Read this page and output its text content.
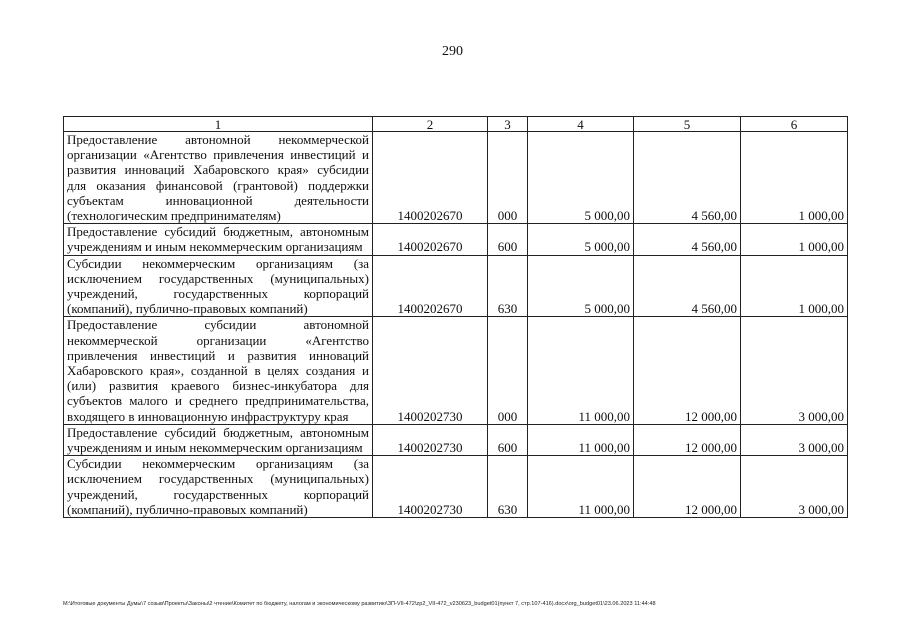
290
1	2	3	4	5	6
Предоставление автономной некоммерческой организации «Агентство привлечения инвестиций и развития инноваций Хабаровского края» субсидии для оказания финансовой (грантовой) поддержки субъектам инновационной деятельности (технологическим предпринимателям)	1400202670	000	5 000,00	4 560,00	1 000,00
Предоставление субсидий бюджетным, автономным учреждениям и иным некоммерческим организациям	1400202670	600	5 000,00	4 560,00	1 000,00
Субсидии некоммерческим организациям (за исключением государственных (муниципальных) учреждений, государственных корпораций (компаний), публично-правовых компаний)	1400202670	630	5 000,00	4 560,00	1 000,00
Предоставление субсидии автономной некоммерческой организации «Агентство привлечения инвестиций и развития инноваций Хабаровского края», созданной в целях создания и (или) развития краевого бизнес-инкубатора для субъектов малого и среднего предпринимательства, входящего в инновационную инфраструктуру края	1400202730	000	11 000,00	12 000,00	3 000,00
Предоставление субсидий бюджетным, автономным учреждениям и иным некоммерческим организациям	1400202730	600	11 000,00	12 000,00	3 000,00
Субсидии некоммерческим организациям (за исключением государственных (муниципальных) учреждений, государственных корпораций (компаний), публично-правовых компаний)	1400202730	630	11 000,00	12 000,00	3 000,00
M:\Итоговые документы Думы\7 созыв\Проекты\Законы\2 чтение\Комитет по бюджету, налогам и экономическому развитию\ЗП-VII-472\zp2_VII-472_v230623_budget01(пункт 7, стр.107-416).docx\org_budget01\23.06.2023 11:44:48
